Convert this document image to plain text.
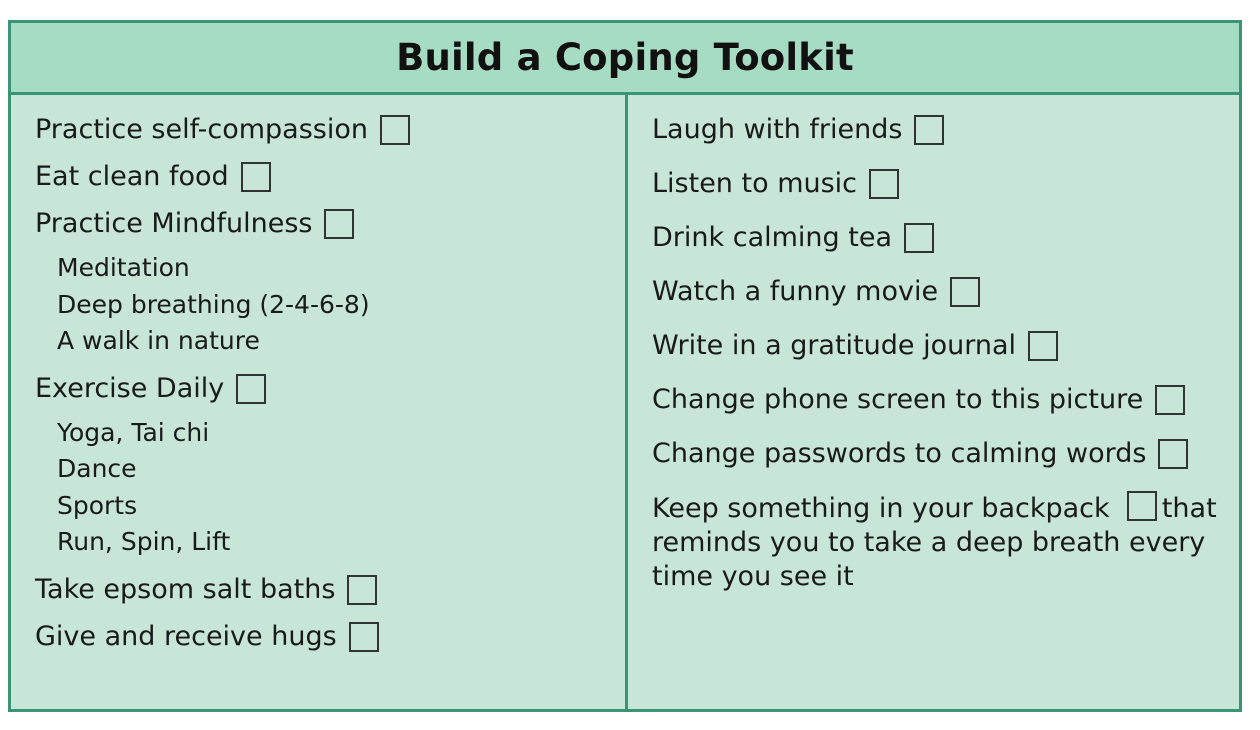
Build a Coping Toolkit
Practice self-compassion
Eat clean food
Practice Mindfulness
Meditation
Deep breathing (2-4-6-8)
A walk in nature
Exercise Daily
Yoga, Tai chi
Dance
Sports
Run, Spin, Lift
Take epsom salt baths
Give and receive hugs
Laugh with friends
Listen to music
Drink calming tea
Watch a funny movie
Write in a gratitude journal
Change phone screen to this picture
Change passwords to calming words
Keep something in your backpack that reminds you to take a deep breath every time you see it
